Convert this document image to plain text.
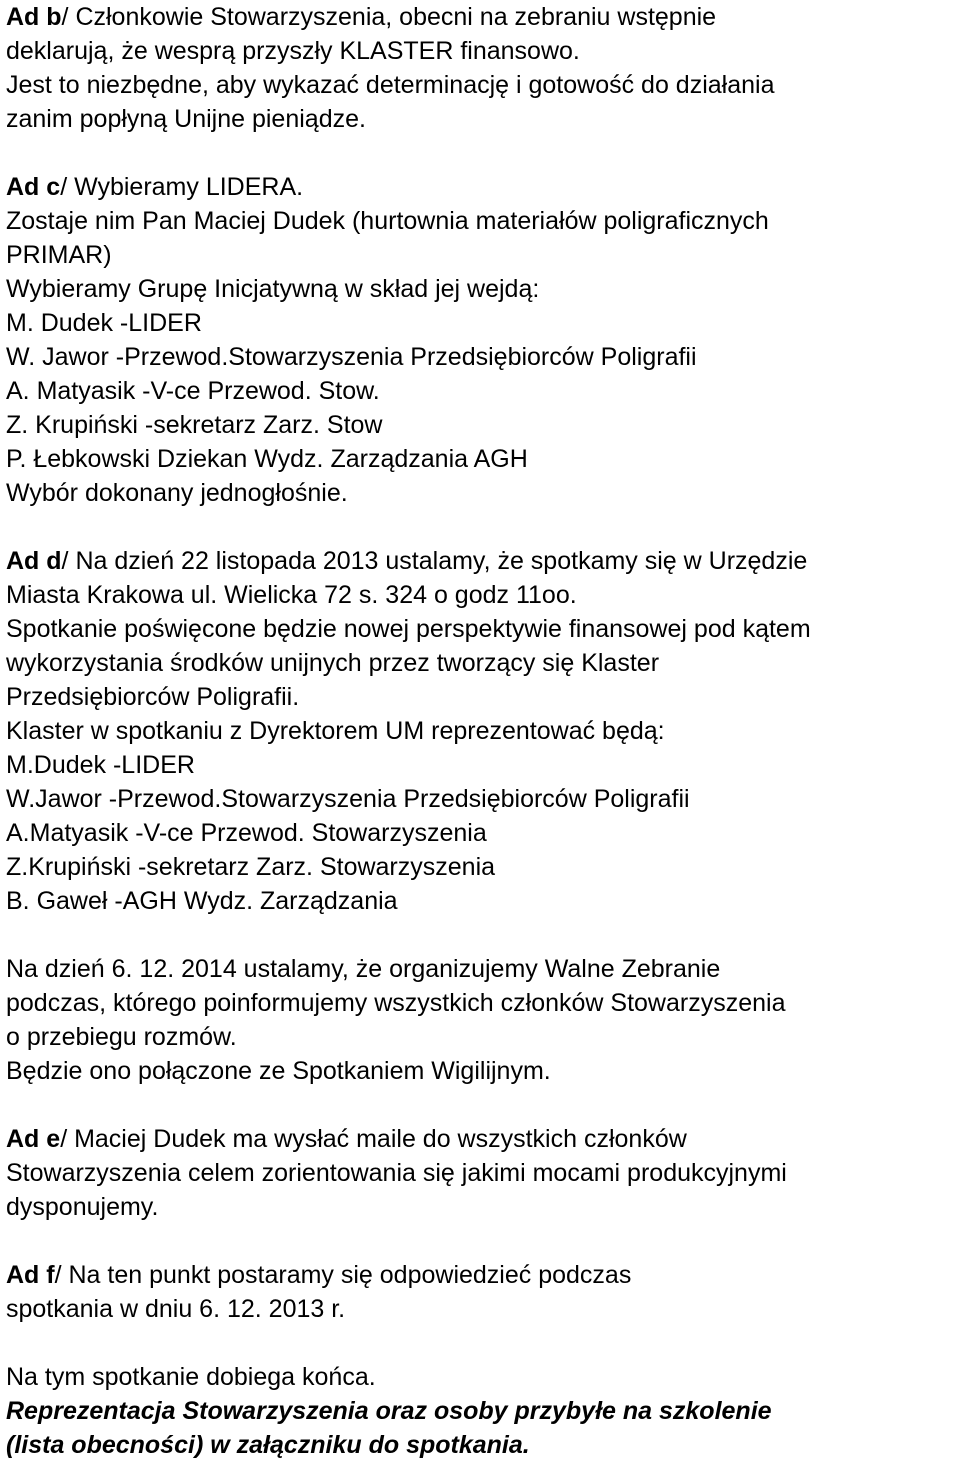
Ad b/ Członkowie Stowarzyszenia, obecni na zebraniu wstępnie
deklarują, że wesprą przyszły KLASTER finansowo.
Jest to niezbędne, aby wykazać determinację i gotowość do działania
zanim popłyną Unijne pieniądze.
Ad c/ Wybieramy LIDERA.
Zostaje nim Pan Maciej Dudek (hurtownia materiałów poligraficznych
PRIMAR)
Wybieramy Grupę Inicjatywną w skład jej wejdą:
M. Dudek -LIDER
W. Jawor -Przewod.Stowarzyszenia Przedsiębiorców Poligrafii
A. Matyasik -V-ce Przewod. Stow.
Z. Krupiński -sekretarz Zarz. Stow
P. Łebkowski Dziekan Wydz. Zarządzania AGH
Wybór dokonany jednogłośnie.
Ad d/ Na dzień 22 listopada 2013 ustalamy, że spotkamy się w Urzędzie
Miasta Krakowa ul. Wielicka 72 s. 324 o godz 11oo.
Spotkanie poświęcone będzie nowej perspektywie finansowej pod kątem
wykorzystania środków unijnych przez tworzący się Klaster
Przedsiębiorców Poligrafii.
Klaster w spotkaniu z Dyrektorem UM reprezentować będą:
M.Dudek -LIDER
W.Jawor -Przewod.Stowarzyszenia Przedsiębiorców Poligrafii
A.Matyasik -V-ce Przewod. Stowarzyszenia
Z.Krupiński -sekretarz Zarz. Stowarzyszenia
B. Gaweł -AGH Wydz. Zarządzania
Na dzień 6. 12. 2014 ustalamy, że organizujemy Walne Zebranie
podczas, którego poinformujemy wszystkich członków Stowarzyszenia
o przebiegu rozmów.
Będzie ono połączone ze Spotkaniem Wigilijnym.
Ad e/ Maciej Dudek ma wysłać maile do wszystkich członków
Stowarzyszenia celem zorientowania się jakimi mocami produkcyjnymi
dysponujemy.
Ad f/ Na ten punkt postaramy się odpowiedzieć podczas
spotkania w dniu 6. 12. 2013 r.
Na tym spotkanie dobiega końca.
Reprezentacja Stowarzyszenia oraz osoby przybyłe na szkolenie
(lista obecności) w załączniku do spotkania.
